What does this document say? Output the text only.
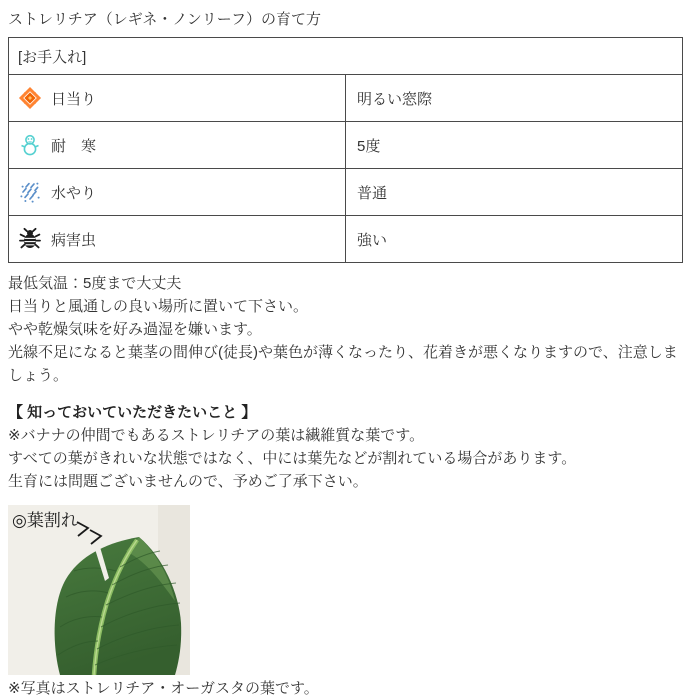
ストレリチア（レギネ・ノンリーフ）の育て方
[お手入れ]	

日当り	明るい窓際

耐　寒	5度

水やり	普通

病害虫	強い
最低気温：5度まで大丈夫
日当りと風通しの良い場所に置いて下さい。
やや乾燥気味を好み過湿を嫌います。
光線不足になると葉茎の間伸び(徒長)や葉色が薄くなったり、花着きが悪くなりますので、注意しましょう。
【 知っておいていただきたいこと 】
※バナナの仲間でもあるストレリチアの葉は繊維質な葉です。
すべての葉がきれいな状態ではなく、中には葉先などが割れている場合があります。
生育には問題ございませんので、予めご了承下さい。
◎葉割れ
※写真はストレリチア・オーガスタの葉です。
